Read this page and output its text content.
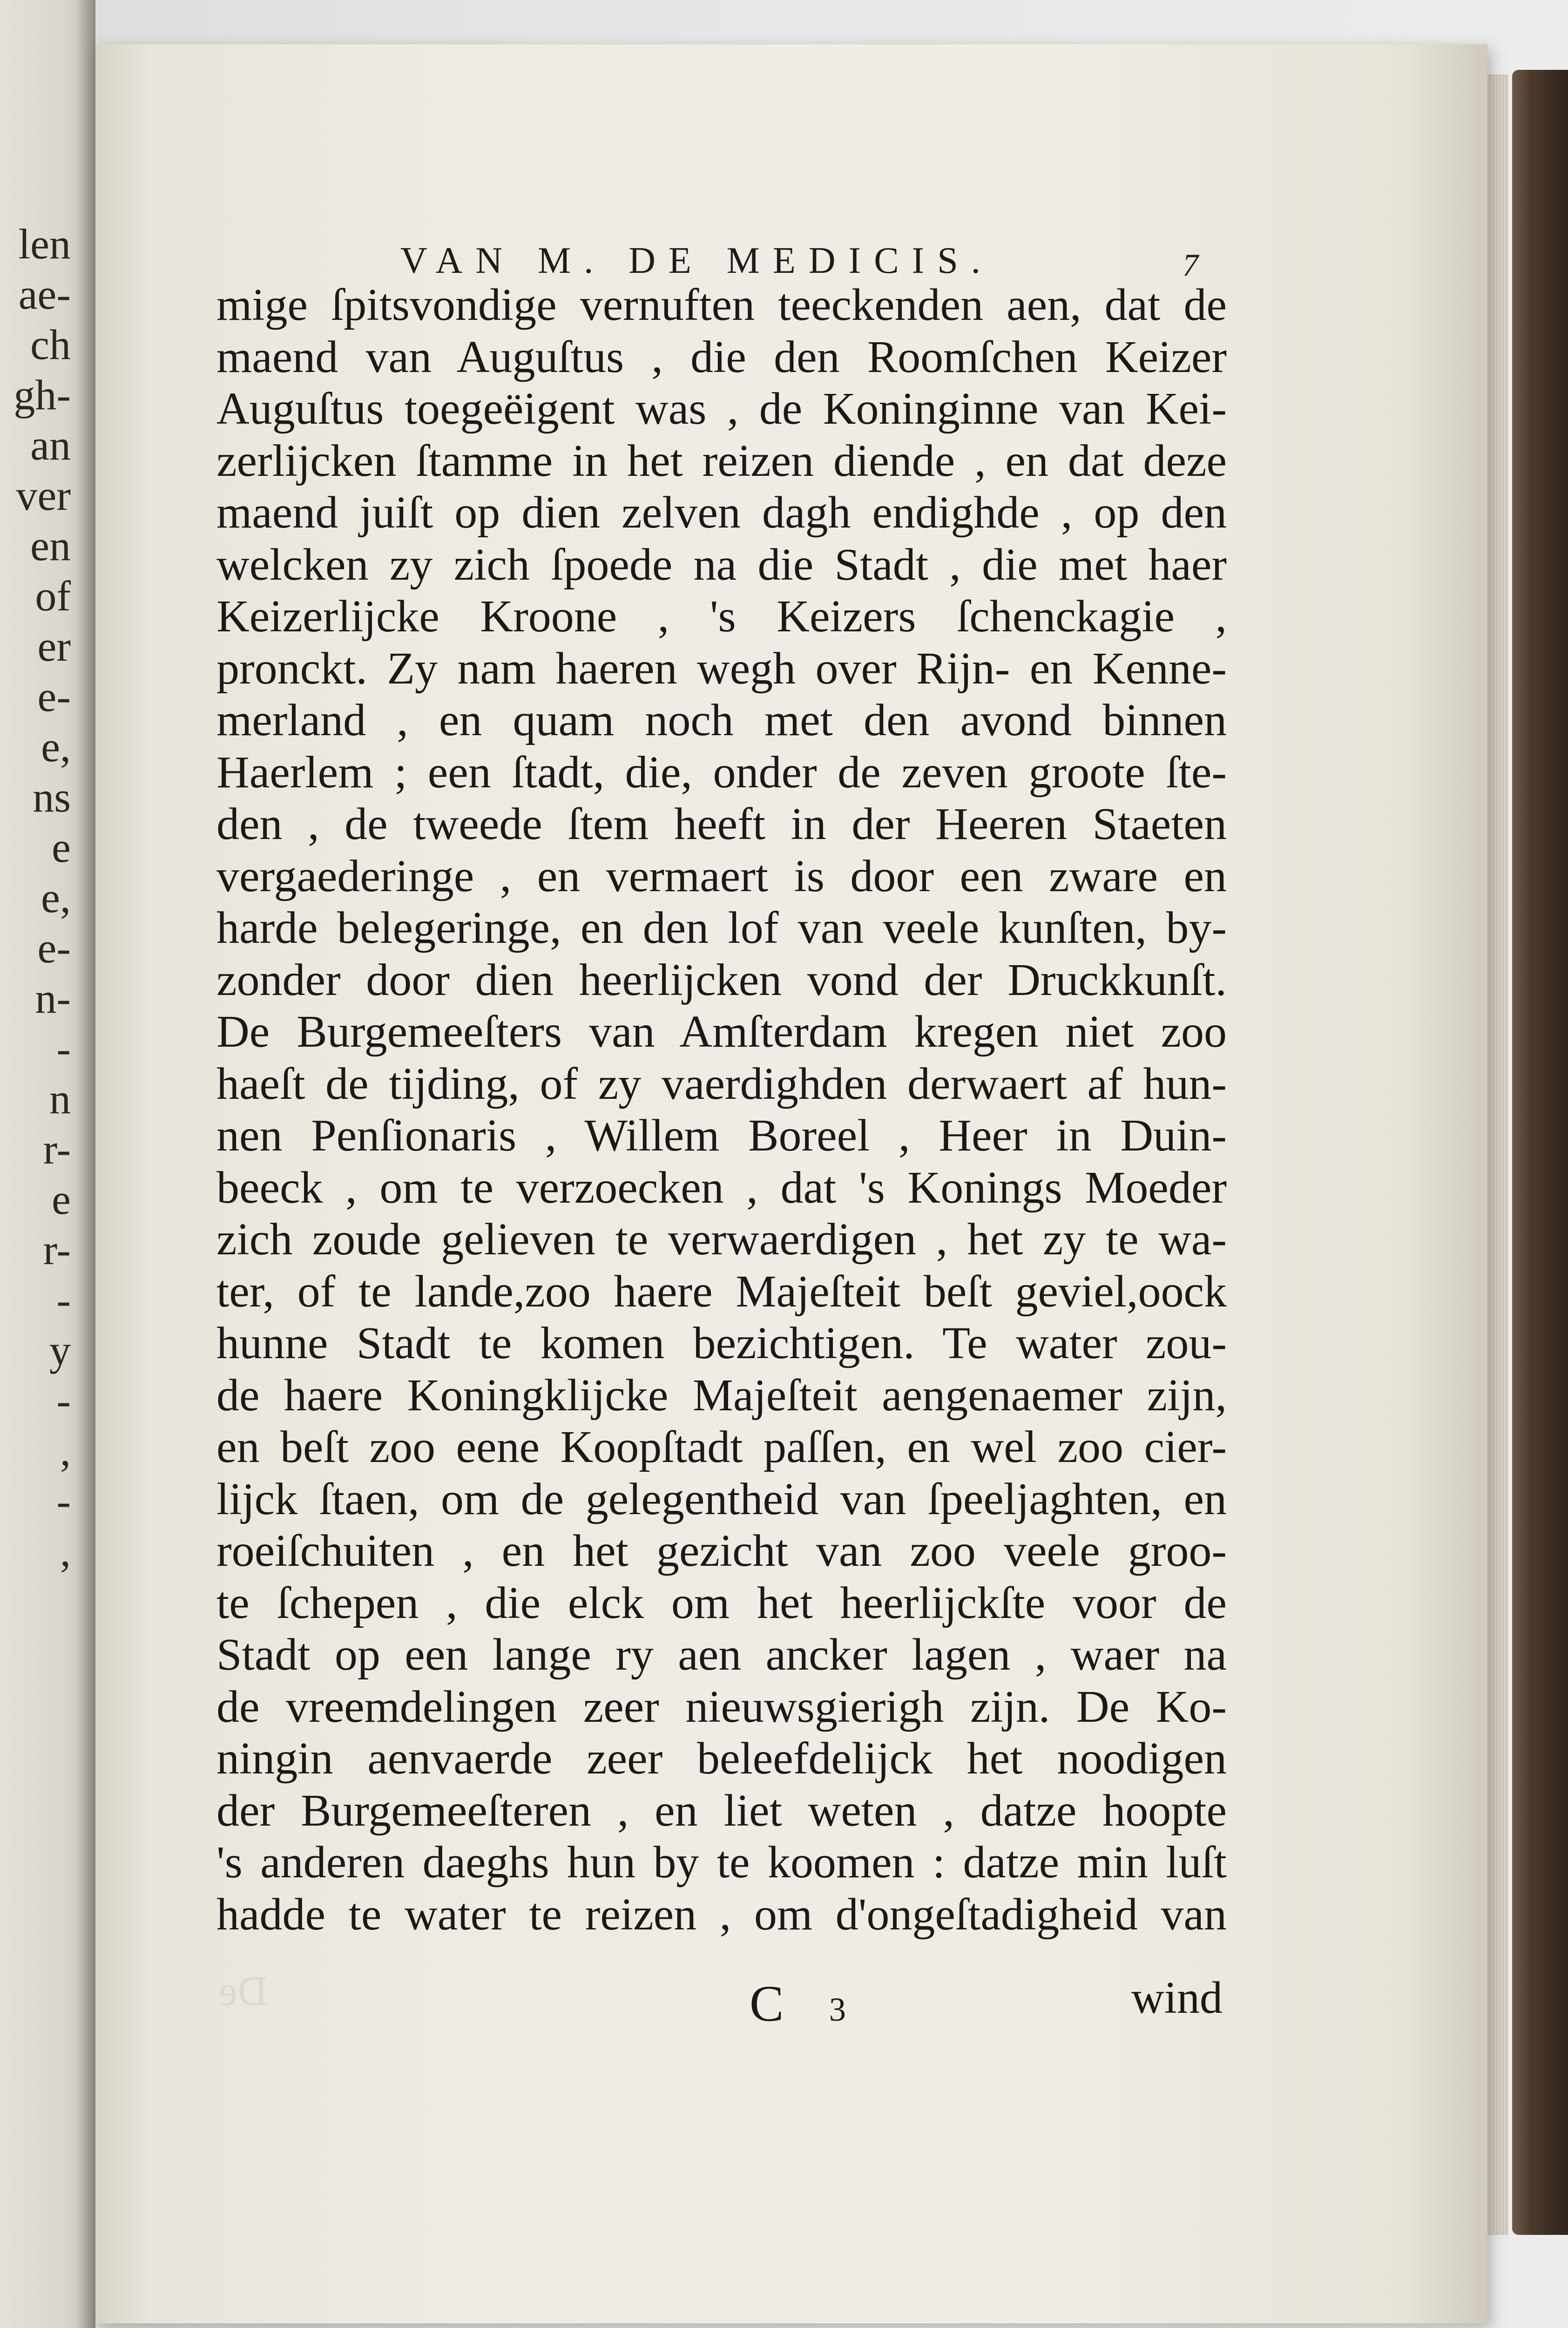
len
ae-
ch
gh-
an
ver
en
of
er
e-
e,
ns
e
e,
e-
n-
-
n
r-
e
r-
-
y
-
,
-
,
VAN M. DE MEDICIS.	7
De
mige ſpitsvondige vernuften teeckenden aen, dat de
maend van Auguſtus , die den Roomſchen Keizer
Auguſtus toegeëigent was , de Koninginne van Kei-
zerlijcken ſtamme in het reizen diende , en dat deze
maend juiſt op dien zelven dagh endighde , op den
welcken zy zich ſpoede na die Stadt , die met haer
Keizerlijcke Kroone , 's Keizers ſchenckagie ,
pronckt. Zy nam haeren wegh over Rijn- en Kenne-
merland , en quam noch met den avond binnen
Haerlem ; een ſtadt, die, onder de zeven groote ſte-
den , de tweede ſtem heeft in der Heeren Staeten
vergaederinge , en vermaert is door een zware en
harde belegeringe, en den lof van veele kunſten, by-
zonder door dien heerlijcken vond der Druckkunſt.
De Burgemeeſters van Amſterdam kregen niet zoo
haeſt de tijding, of zy vaerdighden derwaert af hun-
nen Penſionaris , Willem Boreel , Heer in Duin-
beeck , om te verzoecken , dat 's Konings Moeder
zich zoude gelieven te verwaerdigen , het zy te wa-
ter, of te lande,zoo haere Majeſteit beſt geviel,oock
hunne Stadt te komen bezichtigen. Te water zou-
de haere Koningklijcke Majeſteit aengenaemer zijn,
en beſt zoo eene Koopſtadt paſſen, en wel zoo cier-
lijck ſtaen, om de gelegentheid van ſpeeljaghten, en
roeiſchuiten , en het gezicht van zoo veele groo-
te ſchepen , die elck om het heerlijckſte voor de
Stadt op een lange ry aen ancker lagen , waer na
de vreemdelingen zeer nieuwsgierigh zijn. De Ko-
ningin aenvaerde zeer beleefdelijck het noodigen
der Burgemeeſteren , en liet weten , datze hoopte
's anderen daeghs hun by te koomen : datze min luſt
hadde te water te reizen , om d'ongeſtadigheid van
C 3	wind
